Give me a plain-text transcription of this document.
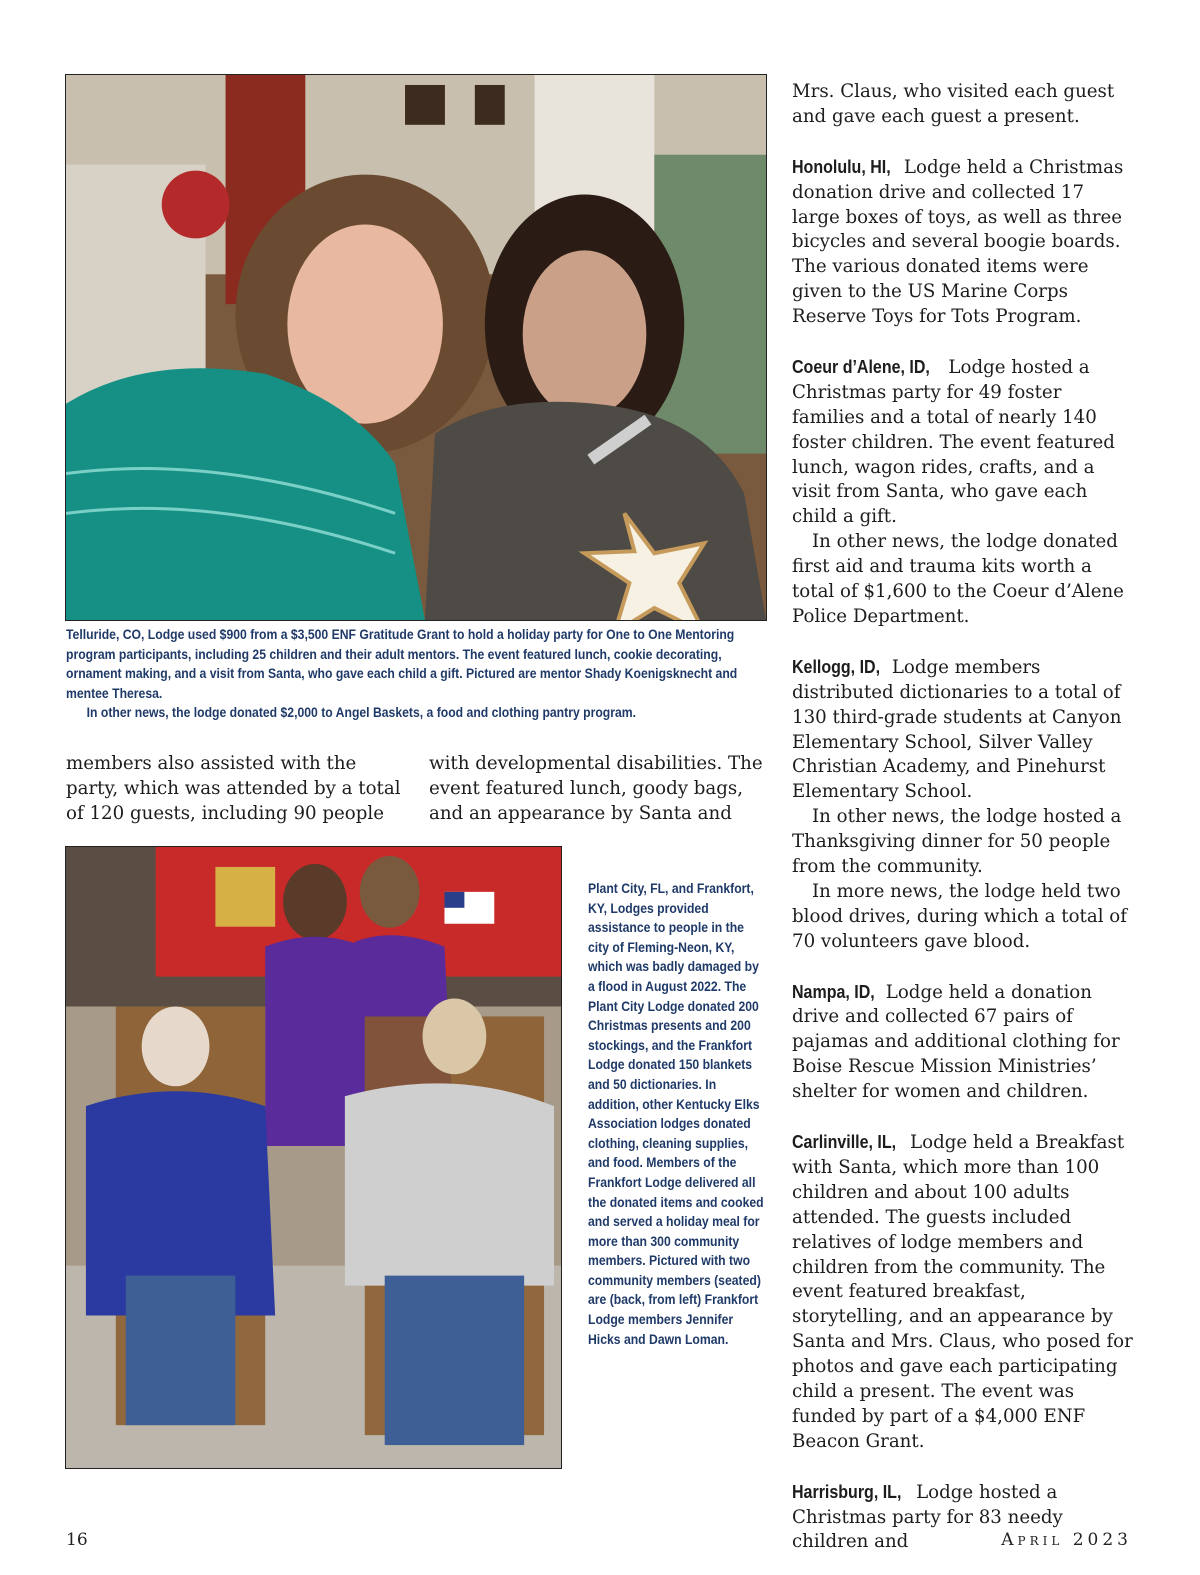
Telluride, CO, Lodge used $900 from a $3,500 ENF Gratitude Grant to hold a holiday party for One to One Mentoring program participants, including 25 children and their adult mentors. The event featured lunch, cookie decorating, ornament making, and a visit from Santa, who gave each child a gift. Pictured are mentor Shady Koenigsknecht and mentee Theresa.

In other news, the lodge donated $2,000 to Angel Baskets, a food and clothing pantry program.

members also assisted with the party, which was attended by a total of 120 guests, including 90 people

with developmental disabilities. The event featured lunch, goody bags, and an appearance by Santa and

Plant City, FL, and Frankfort, KY, Lodges provided assistance to people in the city of Fleming-Neon, KY, which was badly damaged by a flood in August 2022. The Plant City Lodge donated 200 Christmas presents and 200 stockings, and the Frankfort Lodge donated 150 blankets and 50 dictionaries. In addition, other Kentucky Elks Association lodges donated clothing, cleaning supplies, and food. Members of the Frankfort Lodge delivered all the donated items and cooked and served a holiday meal for more than 300 community members. Pictured with two community members (seated) are (back, from left) Frankfort Lodge members Jennifer Hicks and Dawn Loman.

Mrs. Claus, who visited each guest and gave each guest a present.

Honolulu, HI, Lodge held a Christmas donation drive and collected 17 large boxes of toys, as well as three bicycles and several boogie boards. The various donated items were given to the US Marine Corps Reserve Toys for Tots Program.

Coeur d’Alene, ID, Lodge hosted a Christmas party for 49 foster families and a total of nearly 140 foster children. The event featured lunch, wagon rides, crafts, and a visit from Santa, who gave each child a gift.

In other news, the lodge donated first aid and trauma kits worth a total of $1,600 to the Coeur d’Alene Police Department.

Kellogg, ID, Lodge members distributed dictionaries to a total of 130 third-grade students at Canyon Elementary School, Silver Valley Christian Academy, and Pinehurst Elementary School.

In other news, the lodge hosted a Thanksgiving dinner for 50 people from the community.

In more news, the lodge held two blood drives, during which a total of 70 volunteers gave blood.

Nampa, ID, Lodge held a donation drive and collected 67 pairs of pajamas and additional clothing for Boise Rescue Mission Ministries’ shelter for women and children.

Carlinville, IL, Lodge held a Breakfast with Santa, which more than 100 children and about 100 adults attended. The guests included relatives of lodge members and children from the community. The event featured breakfast, storytelling, and an appearance by Santa and Mrs. Claus, who posed for photos and gave each participating child a present. The event was funded by part of a $4,000 ENF Beacon Grant.

Harrisburg, IL, Lodge hosted a Christmas party for 83 needy children and

16	April 2023
